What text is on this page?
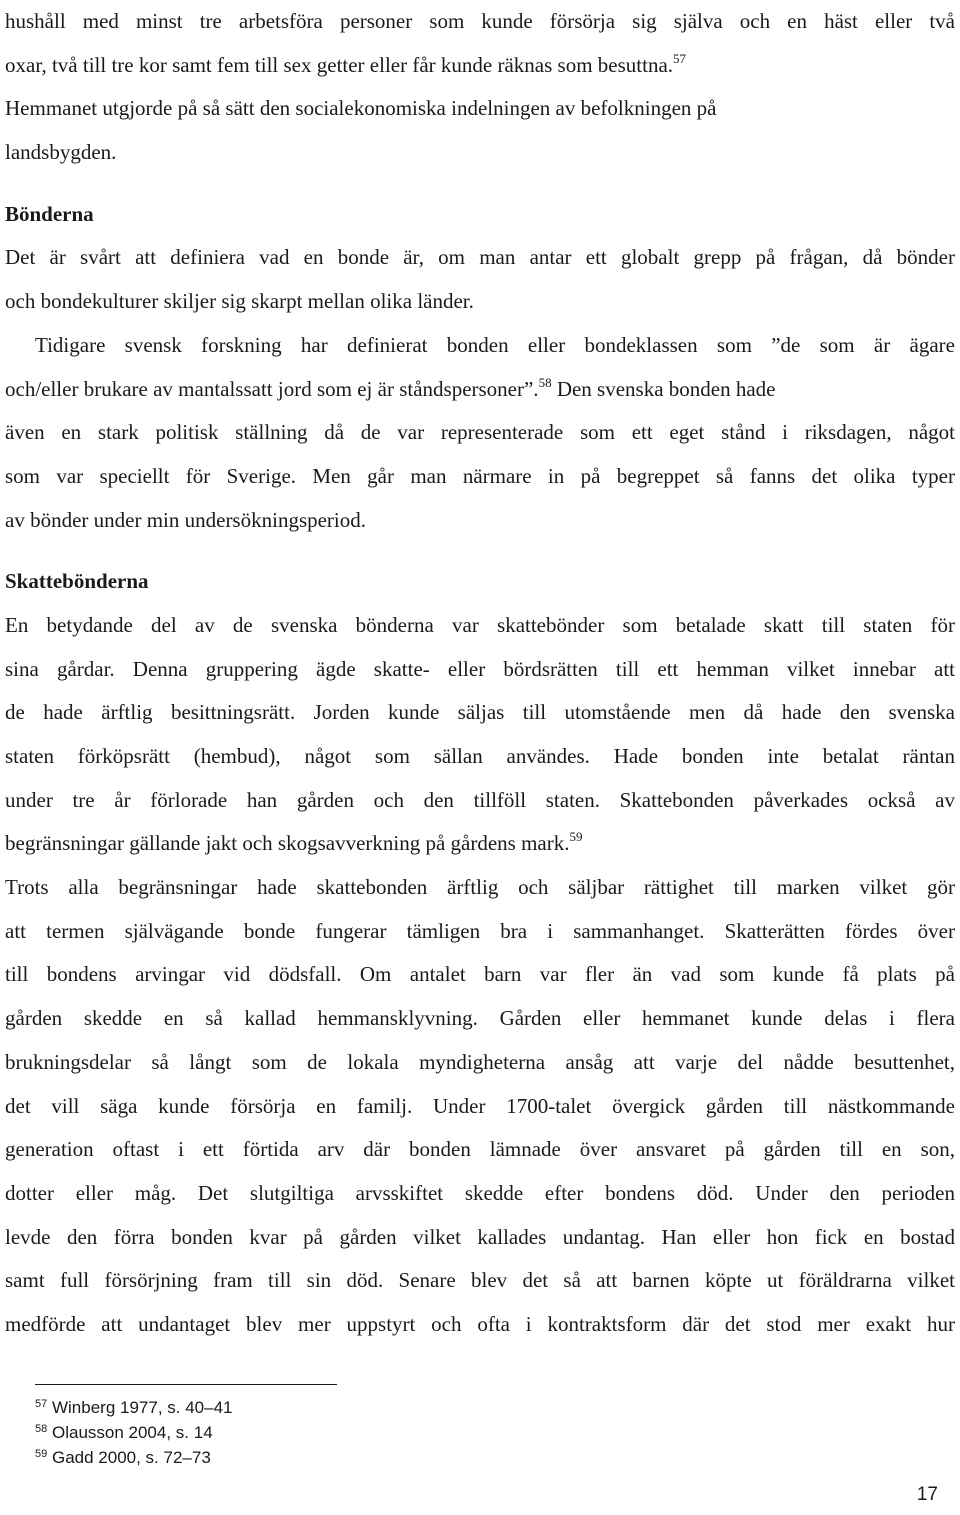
hushåll med minst tre arbetsföra personer som kunde försörja sig själva och en häst eller två
oxar, två till tre kor samt fem till sex getter eller får kunde räknas som besuttna.$^{57}$
Hemmanet utgjorde på så sätt den socialekonomiska indelningen av befolkningen på
landsbygden.
Bönderna
Det är svårt att definiera vad en bonde är, om man antar ett globalt grepp på frågan, då bönder
och bondekulturer skiljer sig skarpt mellan olika länder.
Tidigare svensk forskning har definierat bonden eller bondeklassen som ”de som är ägare
och/eller brukare av mantalssatt jord som ej är ståndspersoner”.$^{58}$ Den svenska bonden hade
även en stark politisk ställning då de var representerade som ett eget stånd i riksdagen, något
som var speciellt för Sverige. Men går man närmare in på begreppet så fanns det olika typer
av bönder under min undersökningsperiod.
Skattebönderna
En betydande del av de svenska bönderna var skattebönder som betalade skatt till staten för
sina gårdar. Denna gruppering ägde skatte- eller bördsrätten till ett hemman vilket innebar att
de hade ärftlig besittningsrätt. Jorden kunde säljas till utomstående men då hade den svenska
staten förköpsrätt (hembud), något som sällan användes. Hade bonden inte betalat räntan
under tre år förlorade han gården och den tillföll staten. Skattebonden påverkades också av
begränsningar gällande jakt och skogsavverkning på gårdens mark.$^{59}$
Trots alla begränsningar hade skattebonden ärftlig och säljbar rättighet till marken vilket gör
att termen självägande bonde fungerar tämligen bra i sammanhanget. Skatterätten fördes över
till bondens arvingar vid dödsfall. Om antalet barn var fler än vad som kunde få plats på
gården skedde en så kallad hemmansklyvning. Gården eller hemmanet kunde delas i flera
brukningsdelar så långt som de lokala myndigheterna ansåg att varje del nådde besuttenhet,
det vill säga kunde försörja en familj. Under 1700-talet övergick gården till nästkommande
generation oftast i ett förtida arv där bonden lämnade över ansvaret på gården till en son,
dotter eller måg. Det slutgiltiga arvsskiftet skedde efter bondens död. Under den perioden
levde den förra bonden kvar på gården vilket kallades undantag. Han eller hon fick en bostad
samt full försörjning fram till sin död. Senare blev det så att barnen köpte ut föräldrarna vilket
medförde att undantaget blev mer uppstyrt och ofta i kontraktsform där det stod mer exakt hur
$^{57}$ Winberg 1977, s. 40–41
$^{58}$ Olausson 2004, s. 14
$^{59}$ Gadd 2000, s. 72–73
17
